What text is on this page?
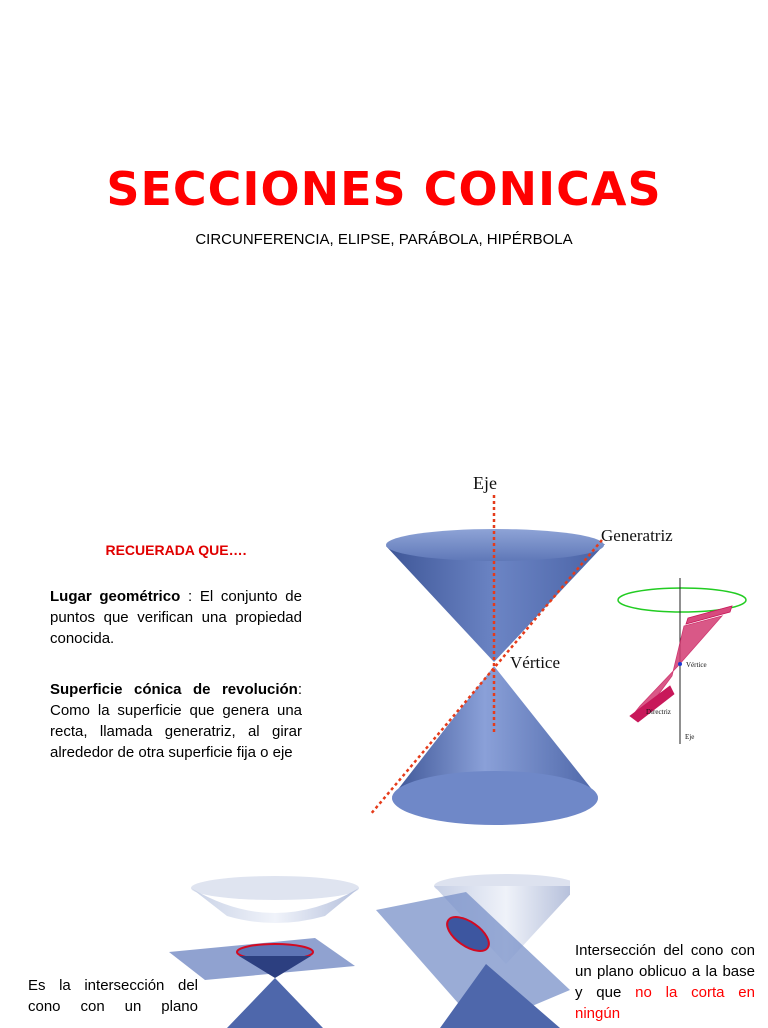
SECCIONES CONICAS
CIRCUNFERENCIA, ELIPSE, PARÁBOLA, HIPÉRBOLA
RECUERADA QUE….
Lugar geométrico : El conjunto de puntos que verifican una propiedad conocida.
Superficie cónica de revolución: Como la superficie que genera una recta, llamada generatriz, al girar alrededor de otra superficie fija o eje
Eje
Generatriz
Vértice	Vértice
Directriz
Eje
Es la intersección del cono con un plano
Intersección del cono con un plano oblicuo a la base y que no la corta en ningún
